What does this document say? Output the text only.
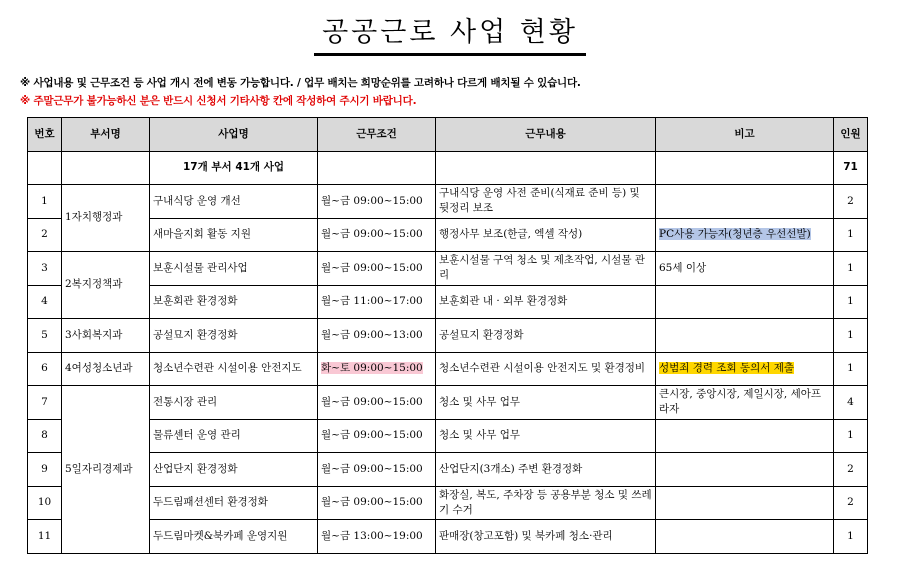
공공근로 사업 현황
※ 사업내용 및 근무조건 등 사업 개시 전에 변동 가능합니다. / 업무 배치는 희망순위를 고려하나 다르게 배치될 수 있습니다.
※ 주말근무가 불가능하신 분은 반드시 신청서 기타사항 칸에 작성하여 주시기 바랍니다.
번호	부서명	사업명	근무조건	근무내용	비고	인원
		17개 부서 41개 사업				71
1	1자치행정과	구내식당 운영 개선	월~금 09:00~15:00	구내식당 운영 사전 준비(식재료 준비 등) 및 뒷정리 보조		2
2		새마을지회 활동 지원	월~금 09:00~15:00	행정사무 보조(한글, 엑셀 작성)	PC사용 가능자(청년층 우선선발)	1
3	2복지정책과	보훈시설물 관리사업	월~금 09:00~15:00	보훈시설물 구역 청소 및 제초작업, 시설물 관리	65세 이상	1
4		보훈회관 환경정화	월~금 11:00~17:00	보훈회관 내 · 외부 환경정화		1
5	3사회복지과	공설묘지 환경정화	월~금 09:00~13:00	공설묘지 환경정화		1
6	4여성청소년과	청소년수련관 시설이용 안전지도	화~토 09:00~15:00	청소년수련관 시설이용 안전지도 및 환경정비	성범죄 경력 조회 동의서 제출	1
7	5일자리경제과	전통시장 관리	월~금 09:00~15:00	청소 및 사무 업무	큰시장, 중앙시장, 제일시장, 세아프라자	4
8		물류센터 운영 관리	월~금 09:00~15:00	청소 및 사무 업무		1
9		산업단지 환경정화	월~금 09:00~15:00	산업단지(3개소) 주변 환경정화		2
10		두드림패션센터 환경정화	월~금 09:00~15:00	화장실, 복도, 주차장 등 공용부분 청소 및 쓰레기 수거		2
11		두드림마켓&북카페 운영지원	월~금 13:00~19:00	판매장(창고포함) 및 북카페 청소·관리		1
